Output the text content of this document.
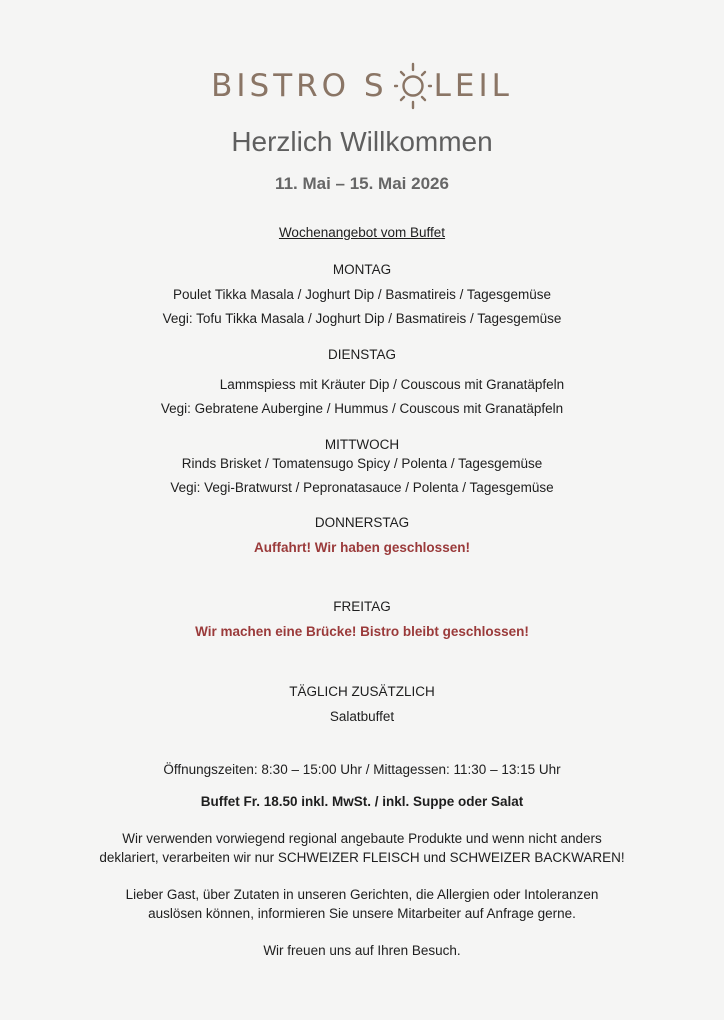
BISTRO S LEIL
Herzlich Willkommen
11. Mai – 15. Mai 2026
Wochenangebot vom Buffet
MONTAG
Poulet Tikka Masala / Joghurt Dip / Basmatireis / Tagesgemüse
Vegi: Tofu Tikka Masala / Joghurt Dip / Basmatireis / Tagesgemüse
DIENSTAG
Lammspiess mit Kräuter Dip / Couscous mit Granatäpfeln
Vegi: Gebratene Aubergine / Hummus / Couscous mit Granatäpfeln
MITTWOCH
Rinds Brisket / Tomatensugo Spicy / Polenta / Tagesgemüse
Vegi: Vegi-Bratwurst / Pepronatasauce / Polenta / Tagesgemüse
DONNERSTAG
Auffahrt! Wir haben geschlossen!
FREITAG
Wir machen eine Brücke! Bistro bleibt geschlossen!
TÄGLICH ZUSÄTZLICH
Salatbuffet
Öffnungszeiten: 8:30 – 15:00 Uhr / Mittagessen: 11:30 – 13:15 Uhr
Buffet Fr. 18.50 inkl. MwSt. / inkl. Suppe oder Salat
Wir verwenden vorwiegend regional angebaute Produkte und wenn nicht anders
deklariert, verarbeiten wir nur SCHWEIZER FLEISCH und SCHWEIZER BACKWAREN!
Lieber Gast, über Zutaten in unseren Gerichten, die Allergien oder Intoleranzen
auslösen können, informieren Sie unsere Mitarbeiter auf Anfrage gerne.
Wir freuen uns auf Ihren Besuch.
